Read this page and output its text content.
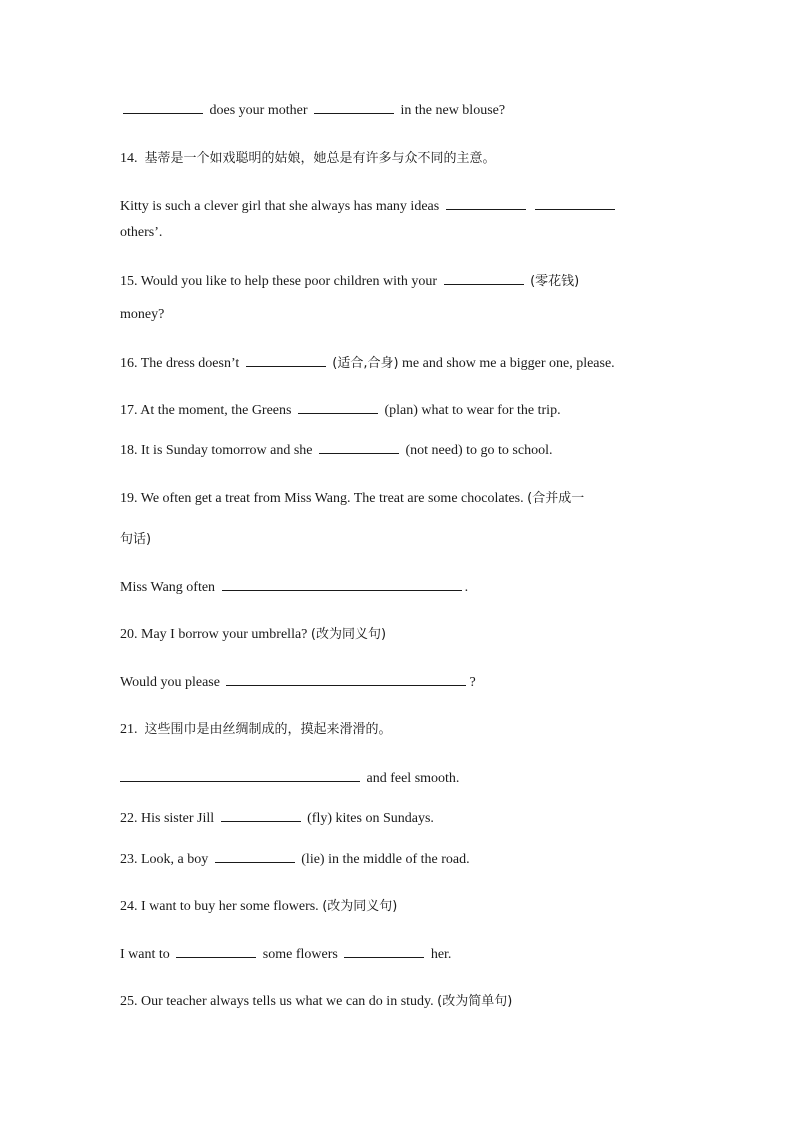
does your mother	in the new blouse?
14. 基蒂是一个如戏聪明的姑娘，她总是有许多与众不同的主意。
Kitty is such a clever girl that she always has many ideas
others’.
15. Would you like to help these poor children with your	(零花钱)
money?
16. The dress doesn’t	(适合,合身) me and show me a bigger one, please.
17. At the moment, the Greens	(plan) what to wear for the trip.
18. It is Sunday tomorrow and she	(not need) to go to school.
19. We often get a treat from Miss Wang. The treat are some chocolates. (合并成一
句话)
Miss Wang often	.
20. May I borrow your umbrella? (改为同义句)
Would you please	?
21. 这些围巾是由丝绸制成的，摸起来滑滑的。
and feel smooth.
22. His sister Jill	(fly) kites on Sundays.
23. Look, a boy	(lie) in the middle of the road.
24. I want to buy her some flowers. (改为同义句)
I want to	some flowers	her.
25. Our teacher always tells us what we can do in study. (改为简单句)
